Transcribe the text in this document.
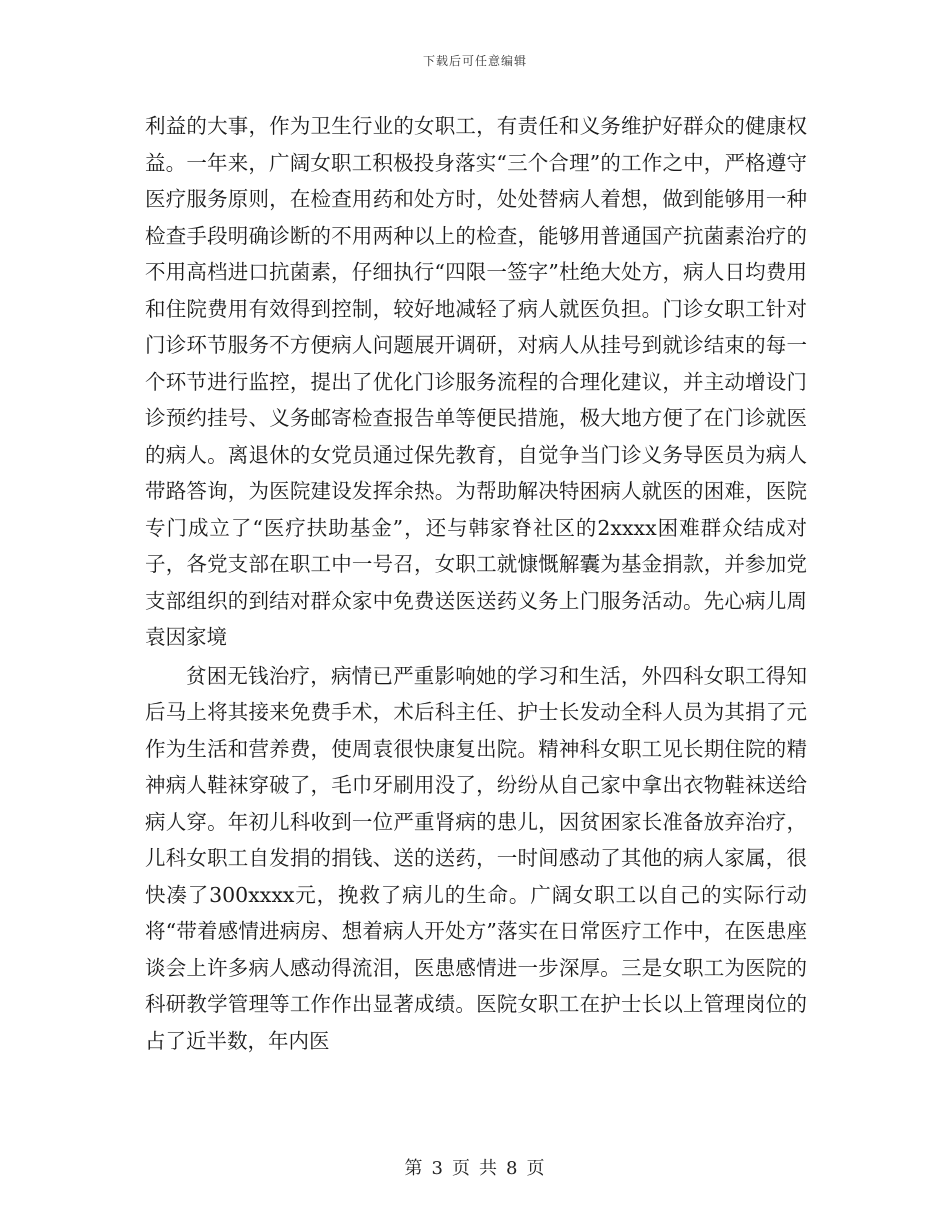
下载后可任意编辑

利益的大事，作为卫生行业的女职工，有责任和义务维护好群众的健康权益。一年来，广阔女职工积极投身落实“三个合理”的工作之中，严格遵守医疗服务原则，在检查用药和处方时，处处替病人着想，做到能够用一种检查手段明确诊断的不用两种以上的检查，能够用普通国产抗菌素治疗的不用高档进口抗菌素，仔细执行“四限一签字”杜绝大处方，病人日均费用和住院费用有效得到控制，较好地减轻了病人就医负担。门诊女职工针对门诊环节服务不方便病人问题展开调研，对病人从挂号到就诊结束的每一个环节进行监控，提出了优化门诊服务流程的合理化建议，并主动增设门诊预约挂号、义务邮寄检查报告单等便民措施，极大地方便了在门诊就医的病人。离退休的女党员通过保先教育，自觉争当门诊义务导医员为病人带路答询，为医院建设发挥余热。为帮助解决特困病人就医的困难，医院专门成立了“医疗扶助基金”，还与韩家脊社区的2xxxx困难群众结成对子，各党支部在职工中一号召，女职工就慷慨解囊为基金捐款，并参加党支部组织的到结对群众家中免费送医送药义务上门服务活动。先心病儿周袁因家境

贫困无钱治疗，病情已严重影响她的学习和生活，外四科女职工得知后马上将其接来免费手术，术后科主任、护士长发动全科人员为其捐了元作为生活和营养费，使周袁很快康复出院。精神科女职工见长期住院的精神病人鞋袜穿破了，毛巾牙刷用没了，纷纷从自己家中拿出衣物鞋袜送给病人穿。年初儿科收到一位严重肾病的患儿，因贫困家长准备放弃治疗，儿科女职工自发捐的捐钱、送的送药，一时间感动了其他的病人家属，很快凑了300xxxx元，挽救了病儿的生命。广阔女职工以自己的实际行动将“带着感情进病房、想着病人开处方”落实在日常医疗工作中，在医患座谈会上许多病人感动得流泪，医患感情进一步深厚。三是女职工为医院的科研教学管理等工作作出显著成绩。医院女职工在护士长以上管理岗位的占了近半数，年内医

第 3 页 共 8 页
